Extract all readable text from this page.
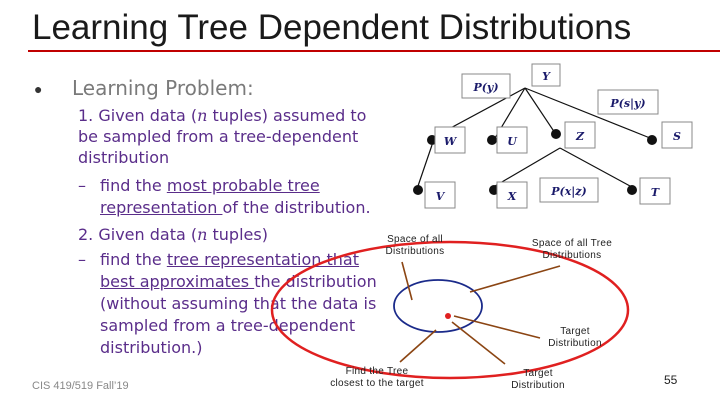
Learning Tree Dependent Distributions
● Learning Problem:
1. Given data (n tuples) assumed to
be sampled from a tree-dependent
distribution
– find the most probable tree
representation of the distribution.
2. Given data (n tuples)
– find the tree representation that
best approximates the distribution
(without assuming that the data is
sampled from a tree-dependent
distribution.)
Y
W	U	Z	S
V	X	T
P(y)
P(s|y)
P(x|z)
Space of all
Distributions
Space of all Tree
Distributions
Target
Distribution
Find the Tree
closest to the target
Target
Distribution
CIS 419/519 Fall’19	55
